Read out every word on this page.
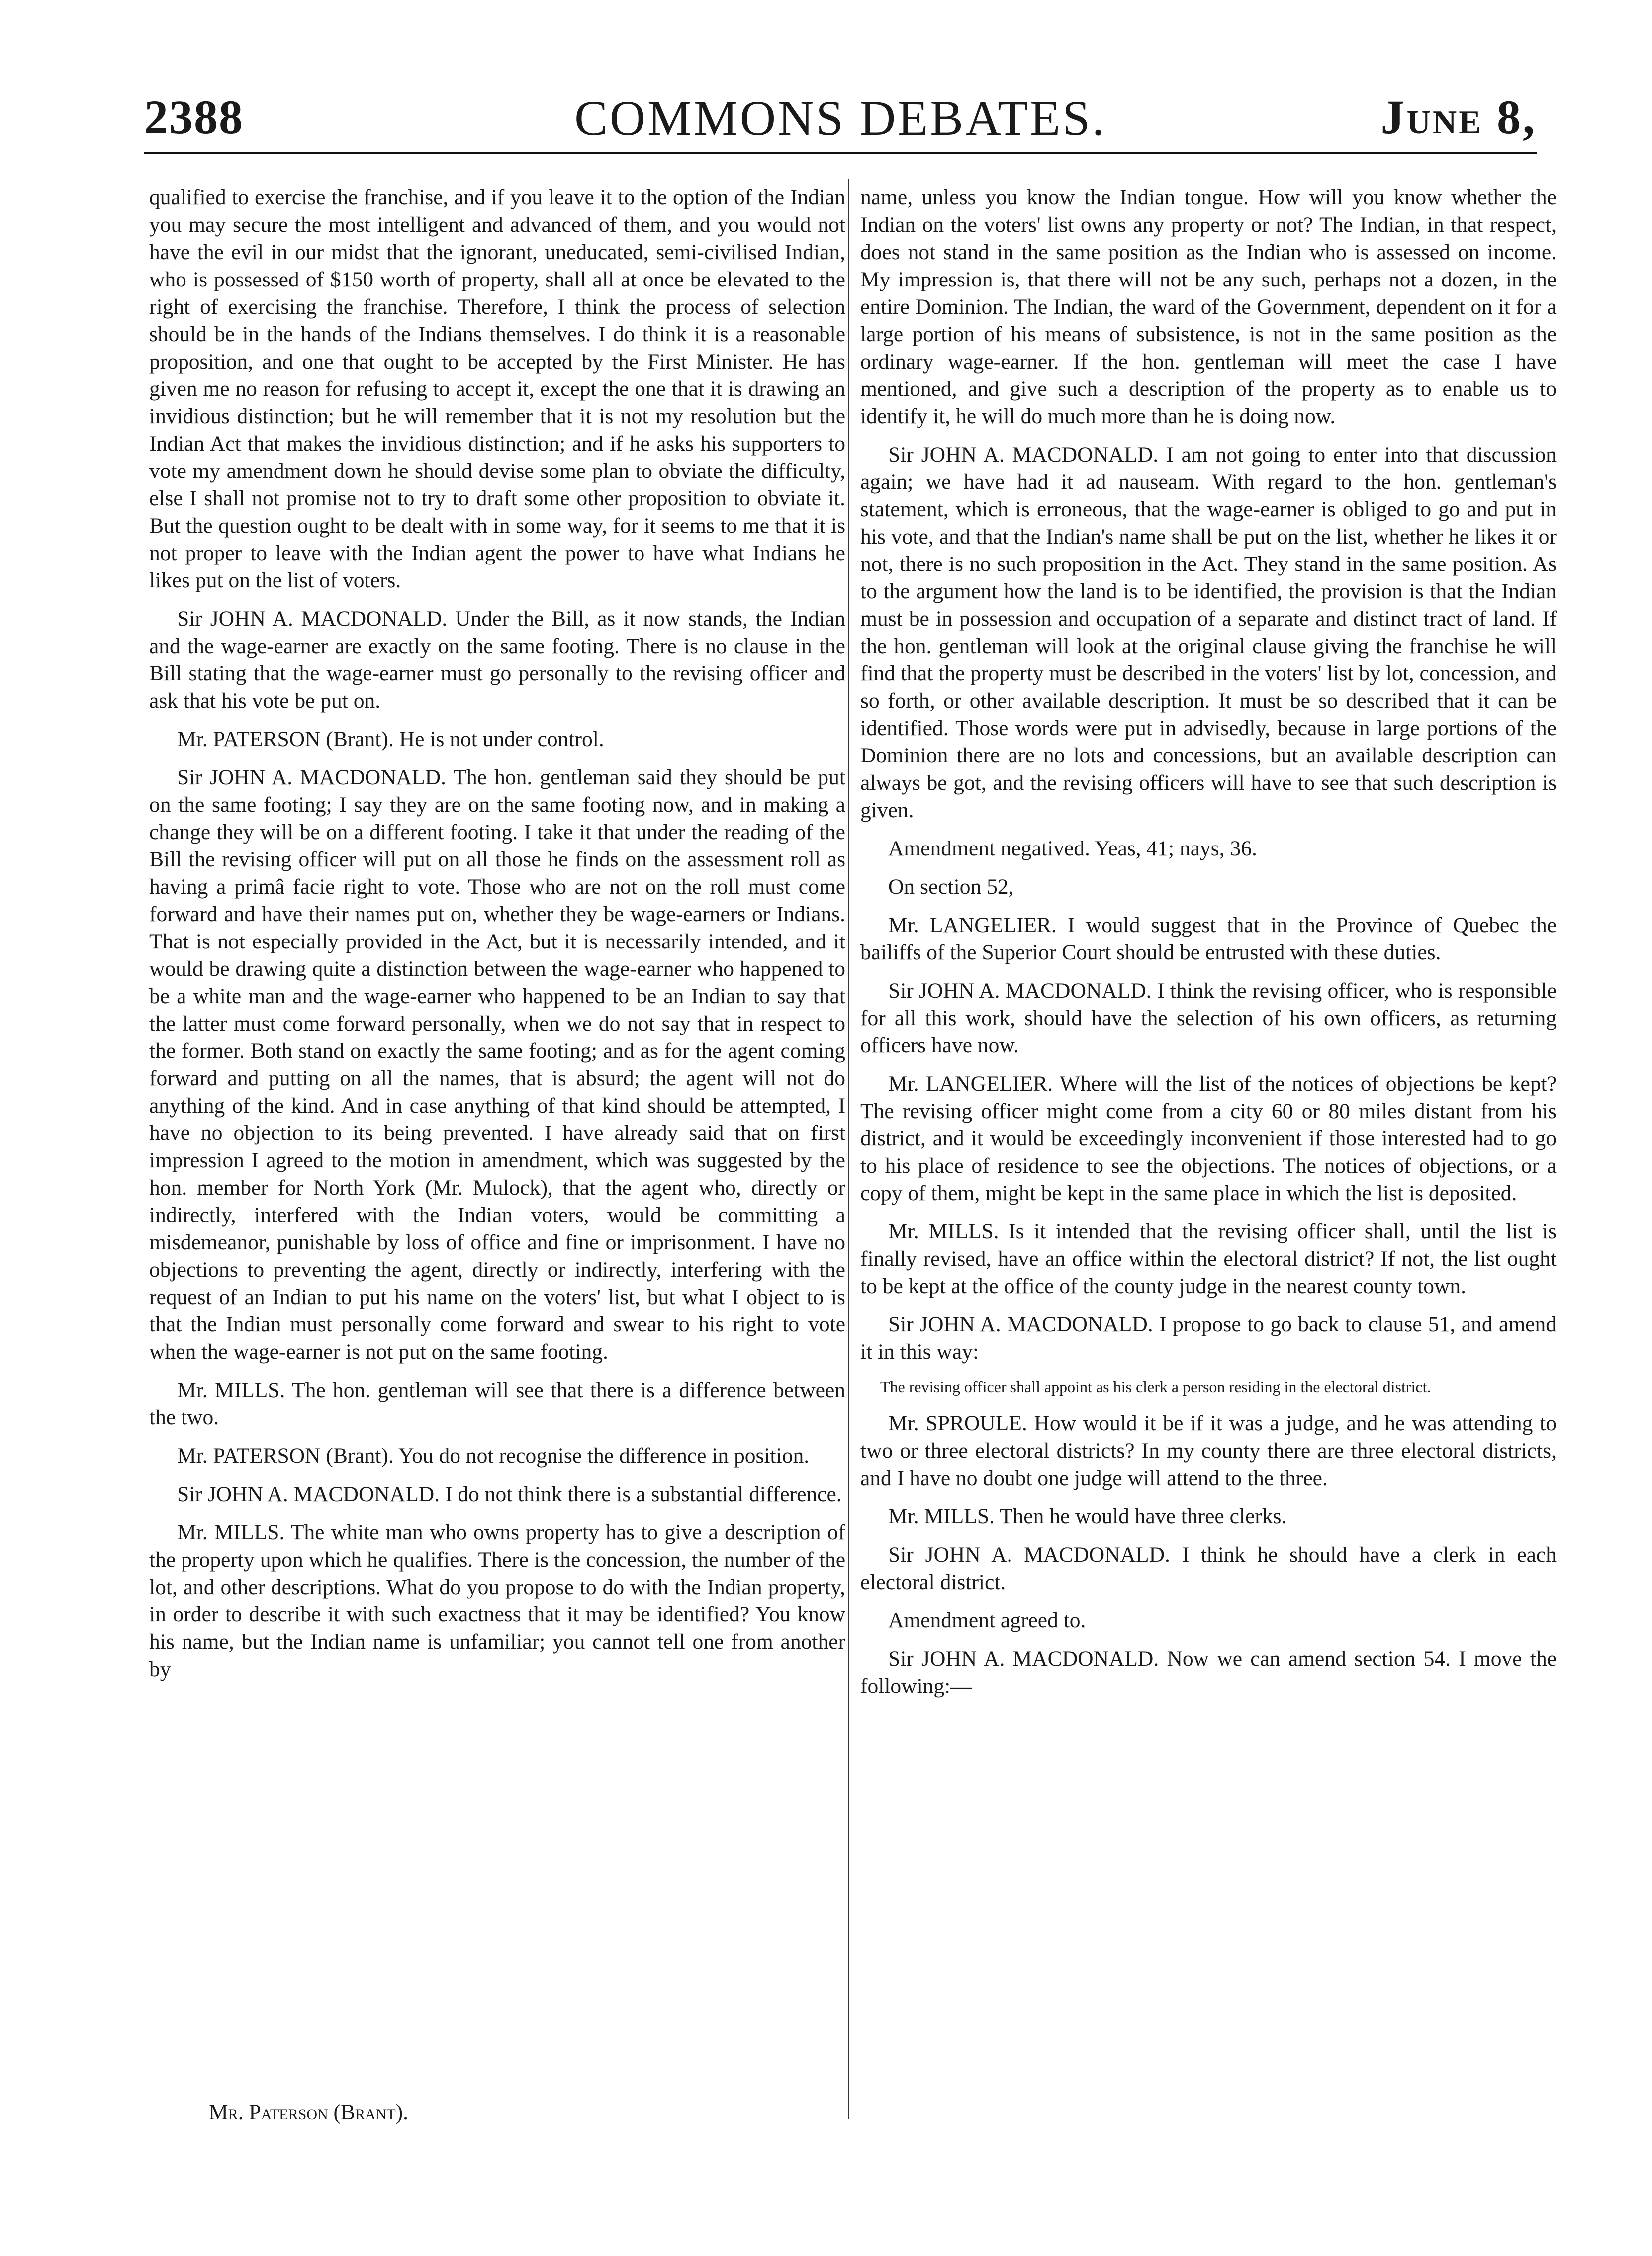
2388	COMMONS DEBATES.	June 8,

qualified to exercise the franchise, and if you leave it to the option of the Indian you may secure the most intelligent and advanced of them, and you would not have the evil in our midst that the ignorant, uneducated, semi-civilised Indian, who is possessed of $150 worth of property, shall all at once be elevated to the right of exercising the franchise. Therefore, I think the process of selection should be in the hands of the Indians themselves. I do think it is a reasonable proposition, and one that ought to be accepted by the First Minister. He has given me no reason for refusing to accept it, except the one that it is drawing an invidious distinction; but he will remember that it is not my resolution but the Indian Act that makes the invidious distinction; and if he asks his supporters to vote my amendment down he should devise some plan to obviate the difficulty, else I shall not promise not to try to draft some other proposition to obviate it. But the question ought to be dealt with in some way, for it seems to me that it is not proper to leave with the Indian agent the power to have what Indians he likes put on the list of voters.

Sir JOHN A. MACDONALD. Under the Bill, as it now stands, the Indian and the wage-earner are exactly on the same footing. There is no clause in the Bill stating that the wage-earner must go personally to the revising officer and ask that his vote be put on.

Mr. PATERSON (Brant). He is not under control.

Sir JOHN A. MACDONALD. The hon. gentleman said they should be put on the same footing; I say they are on the same footing now, and in making a change they will be on a different footing. I take it that under the reading of the Bill the revising officer will put on all those he finds on the assessment roll as having a primâ facie right to vote. Those who are not on the roll must come forward and have their names put on, whether they be wage-earners or Indians. That is not especially provided in the Act, but it is necessarily intended, and it would be drawing quite a distinction between the wage-earner who happened to be a white man and the wage-earner who happened to be an Indian to say that the latter must come forward personally, when we do not say that in respect to the former. Both stand on exactly the same footing; and as for the agent coming forward and putting on all the names, that is absurd; the agent will not do anything of the kind. And in case anything of that kind should be attempted, I have no objection to its being prevented. I have already said that on first impression I agreed to the motion in amendment, which was suggested by the hon. member for North York (Mr. Mulock), that the agent who, directly or indirectly, interfered with the Indian voters, would be committing a misdemeanor, punishable by loss of office and fine or imprisonment. I have no objections to preventing the agent, directly or indirectly, interfering with the request of an Indian to put his name on the voters' list, but what I object to is that the Indian must personally come forward and swear to his right to vote when the wage-earner is not put on the same footing.

Mr. MILLS. The hon. gentleman will see that there is a difference between the two.

Mr. PATERSON (Brant). You do not recognise the difference in position.

Sir JOHN A. MACDONALD. I do not think there is a substantial difference.

Mr. MILLS. The white man who owns property has to give a description of the property upon which he qualifies. There is the concession, the number of the lot, and other descriptions. What do you propose to do with the Indian property, in order to describe it with such exactness that it may be identified? You know his name, but the Indian name is unfamiliar; you cannot tell one from another by

Mr. Paterson (Brant).

name, unless you know the Indian tongue. How will you know whether the Indian on the voters' list owns any property or not? The Indian, in that respect, does not stand in the same position as the Indian who is assessed on income. My impression is, that there will not be any such, perhaps not a dozen, in the entire Dominion. The Indian, the ward of the Government, dependent on it for a large portion of his means of subsistence, is not in the same position as the ordinary wage-earner. If the hon. gentleman will meet the case I have mentioned, and give such a description of the property as to enable us to identify it, he will do much more than he is doing now.

Sir JOHN A. MACDONALD. I am not going to enter into that discussion again; we have had it ad nauseam. With regard to the hon. gentleman's statement, which is erroneous, that the wage-earner is obliged to go and put in his vote, and that the Indian's name shall be put on the list, whether he likes it or not, there is no such proposition in the Act. They stand in the same position. As to the argument how the land is to be identified, the provision is that the Indian must be in possession and occupation of a separate and distinct tract of land. If the hon. gentleman will look at the original clause giving the franchise he will find that the property must be described in the voters' list by lot, concession, and so forth, or other available description. It must be so described that it can be identified. Those words were put in advisedly, because in large portions of the Dominion there are no lots and concessions, but an available description can always be got, and the revising officers will have to see that such description is given.

Amendment negatived. Yeas, 41; nays, 36.

On section 52,

Mr. LANGELIER. I would suggest that in the Province of Quebec the bailiffs of the Superior Court should be entrusted with these duties.

Sir JOHN A. MACDONALD. I think the revising officer, who is responsible for all this work, should have the selection of his own officers, as returning officers have now.

Mr. LANGELIER. Where will the list of the notices of objections be kept? The revising officer might come from a city 60 or 80 miles distant from his district, and it would be exceedingly inconvenient if those interested had to go to his place of residence to see the objections. The notices of objections, or a copy of them, might be kept in the same place in which the list is deposited.

Mr. MILLS. Is it intended that the revising officer shall, until the list is finally revised, have an office within the electoral district? If not, the list ought to be kept at the office of the county judge in the nearest county town.

Sir JOHN A. MACDONALD. I propose to go back to clause 51, and amend it in this way:

The revising officer shall appoint as his clerk a person residing in the electoral district.

Mr. SPROULE. How would it be if it was a judge, and he was attending to two or three electoral districts? In my county there are three electoral districts, and I have no doubt one judge will attend to the three.

Mr. MILLS. Then he would have three clerks.

Sir JOHN A. MACDONALD. I think he should have a clerk in each electoral district.

Amendment agreed to.

Sir JOHN A. MACDONALD. Now we can amend section 54. I move the following:—
